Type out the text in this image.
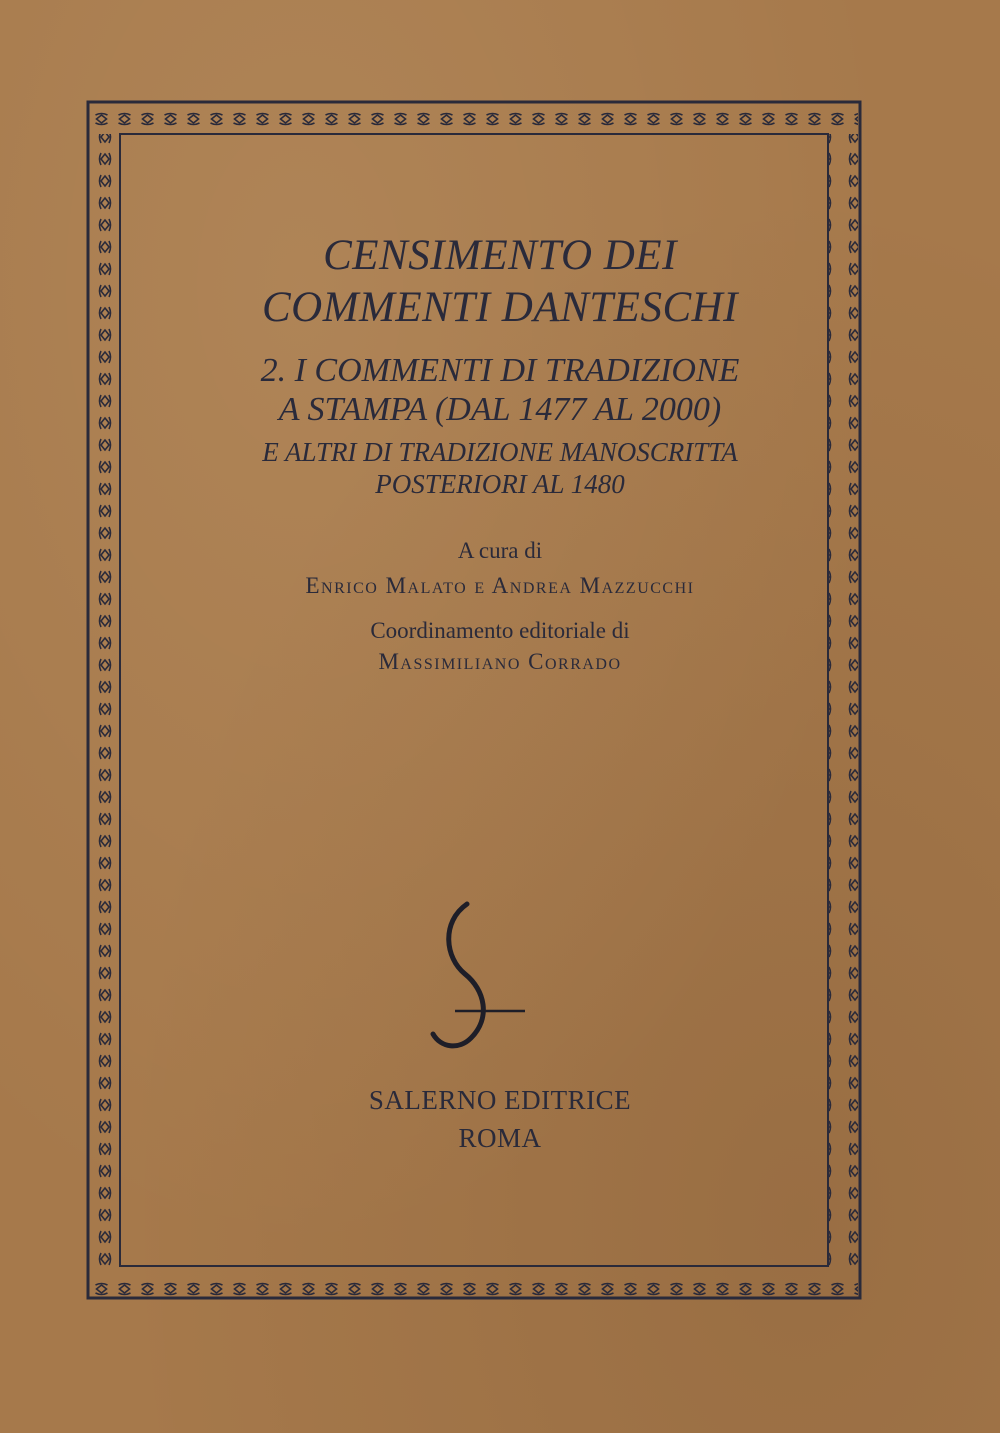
CENSIMENTO DEI
COMMENTI DANTESCHI
2. I COMMENTI DI TRADIZIONE
A STAMPA (DAL 1477 AL 2000)
E ALTRI DI TRADIZIONE MANOSCRITTA
POSTERIORI AL 1480
A cura di
Enrico Malato e Andrea Mazzucchi
Coordinamento editoriale di
Massimiliano Corrado
SALERNO EDITRICE
ROMA
